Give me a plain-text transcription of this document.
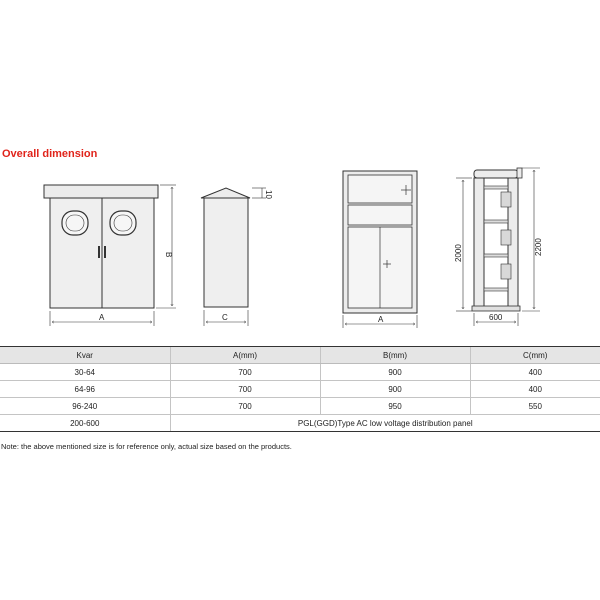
Overall dimension
A
B
C
10
A
2000	2200
600
Kvar	A(mm)	B(mm)	C(mm)
30-64	700	900	400
64-96	700	900	400
96-240	700	950	550
200-600	PGL(GGD)Type AC low voltage distribution panel		
Note: the above mentioned size is for reference only, actual size based on the products.
